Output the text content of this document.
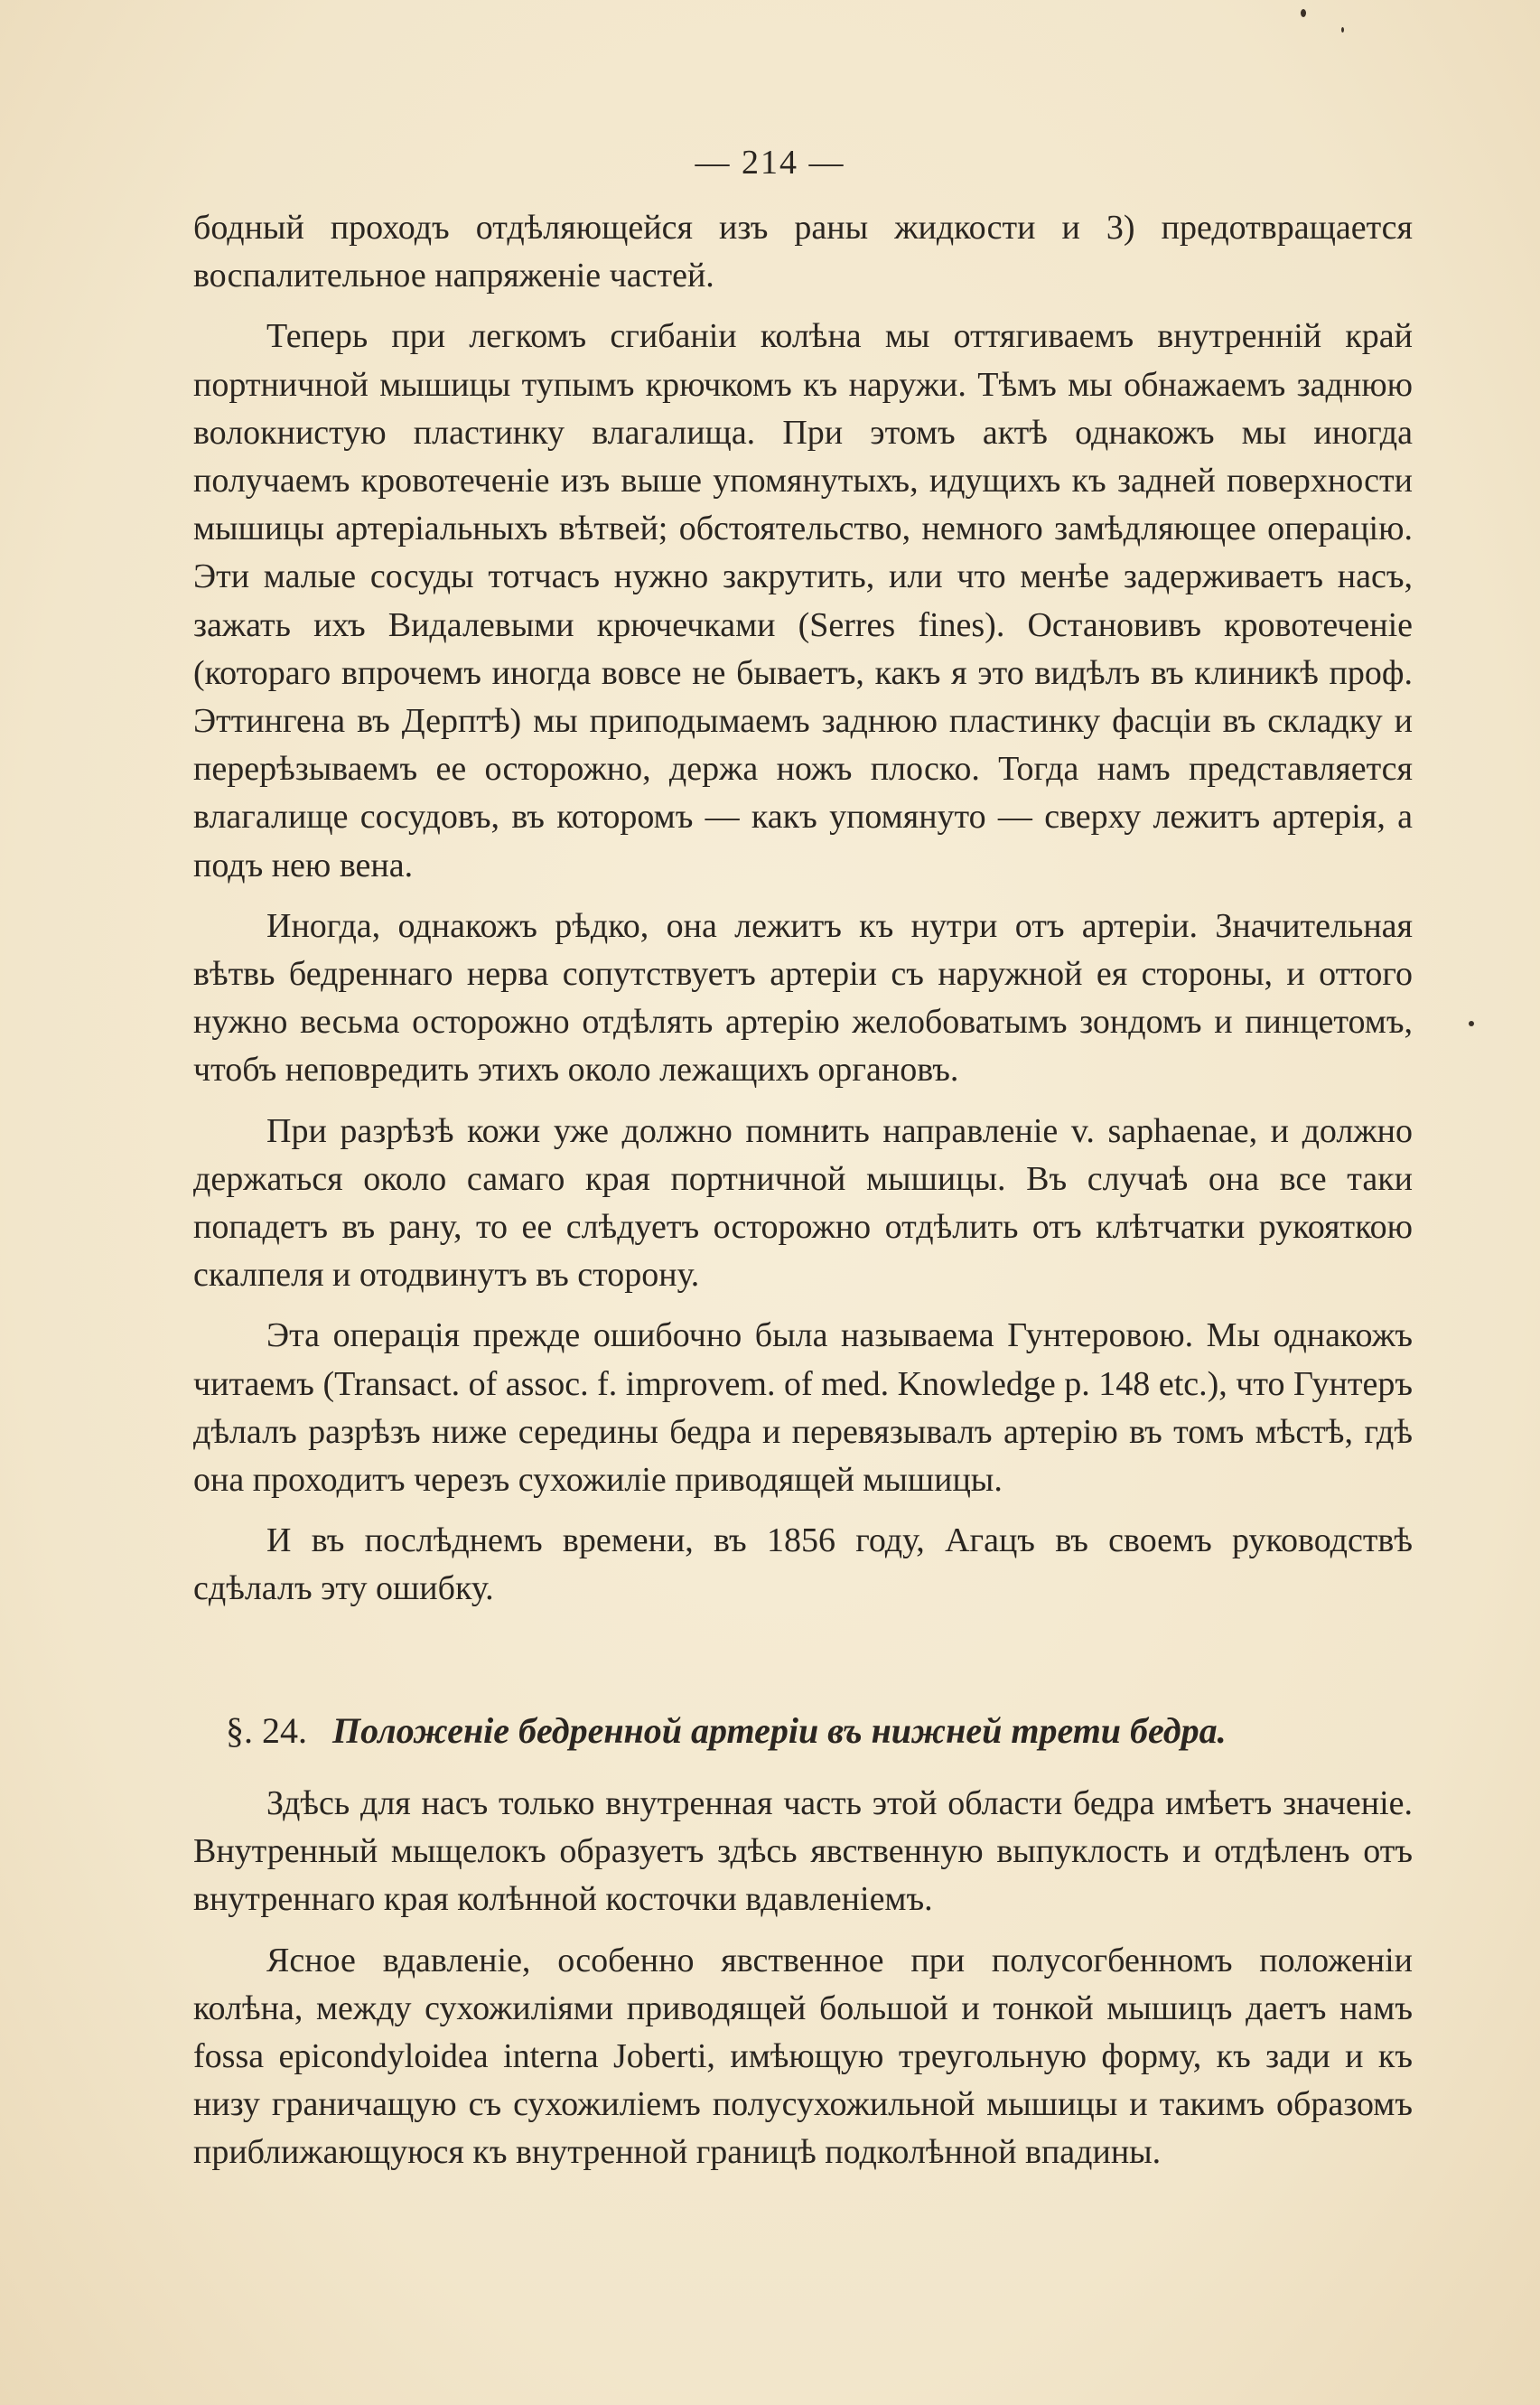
— 214 —

бодный проходъ отдѣляющейся изъ раны жидкости и 3) предотвращается воспалительное напряженіе частей.

Теперь при легкомъ сгибаніи колѣна мы оттягиваемъ внутренній край портничной мышицы тупымъ крючкомъ къ наружи. Тѣмъ мы обнажаемъ заднюю волокнистую пластинку влагалища. При этомъ актѣ однакожъ мы иногда получаемъ кровотеченіе изъ выше упомянутыхъ, идущихъ къ задней поверхности мышицы артеріальныхъ вѣтвей; обстоятельство, немного замѣдляющее операцію. Эти малые сосуды тотчасъ нужно закрутить, или что менѣе задерживаетъ насъ, зажать ихъ Видалевыми крючечками (Serres fines). Остановивъ кровотеченіе (котораго впрочемъ иногда вовсе не бываетъ, какъ я это видѣлъ въ клиникѣ проф. Эттингена въ Дерптѣ) мы приподымаемъ заднюю пластинку фасціи въ складку и перерѣзываемъ ее осторожно, держа ножъ плоско. Тогда намъ представляется влагалище сосудовъ, въ которомъ — какъ упомянуто — сверху лежитъ артерія, а подъ нею вена.

Иногда, однакожъ рѣдко, она лежитъ къ нутри отъ артеріи. Значительная вѣтвь бедреннаго нерва сопутствуетъ артеріи съ наружной ея стороны, и оттого нужно весьма осторожно отдѣлять артерію желобоватымъ зондомъ и пинцетомъ, чтобъ неповредить этихъ около лежащихъ органовъ.

При разрѣзѣ кожи уже должно помнить направленіе v. saphaenae, и должно держаться около самаго края портничной мышицы. Въ случаѣ она все таки попадетъ въ рану, то ее слѣдуетъ осторожно отдѣлить отъ клѣтчатки рукояткою скалпеля и отодвинутъ въ сторону.

Эта операція прежде ошибочно была называема Гунтеровою. Мы однакожъ читаемъ (Transact. of assoc. f. improvem. of med. Knowledge p. 148 etc.), что Гунтеръ дѣлалъ разрѣзъ ниже середины бедра и перевязывалъ артерію въ томъ мѣстѣ, гдѣ она проходитъ черезъ сухожиліе приводящей мышицы.

И въ послѣднемъ времени, въ 1856 году, Агацъ въ своемъ руководствѣ сдѣлалъ эту ошибку.

§. 24. Положеніе бедренной артеріи въ нижней трети бедра.

Здѣсь для насъ только внутренная часть этой области бедра имѣетъ значеніе. Внутренный мыщелокъ образуетъ здѣсь явственную выпуклость и отдѣленъ отъ внутреннаго края колѣнной косточки вдавленіемъ.

Ясное вдавленіе, особенно явственное при полусогбенномъ положеніи колѣна, между сухожиліями приводящей большой и тонкой мышицъ даетъ намъ fossa epicondyloidea interna Joberti, имѣющую треугольную форму, къ зади и къ низу граничащую съ сухожиліемъ полусухожильной мышицы и такимъ образомъ приближающуюся къ внутренной границѣ подколѣнной впадины.
